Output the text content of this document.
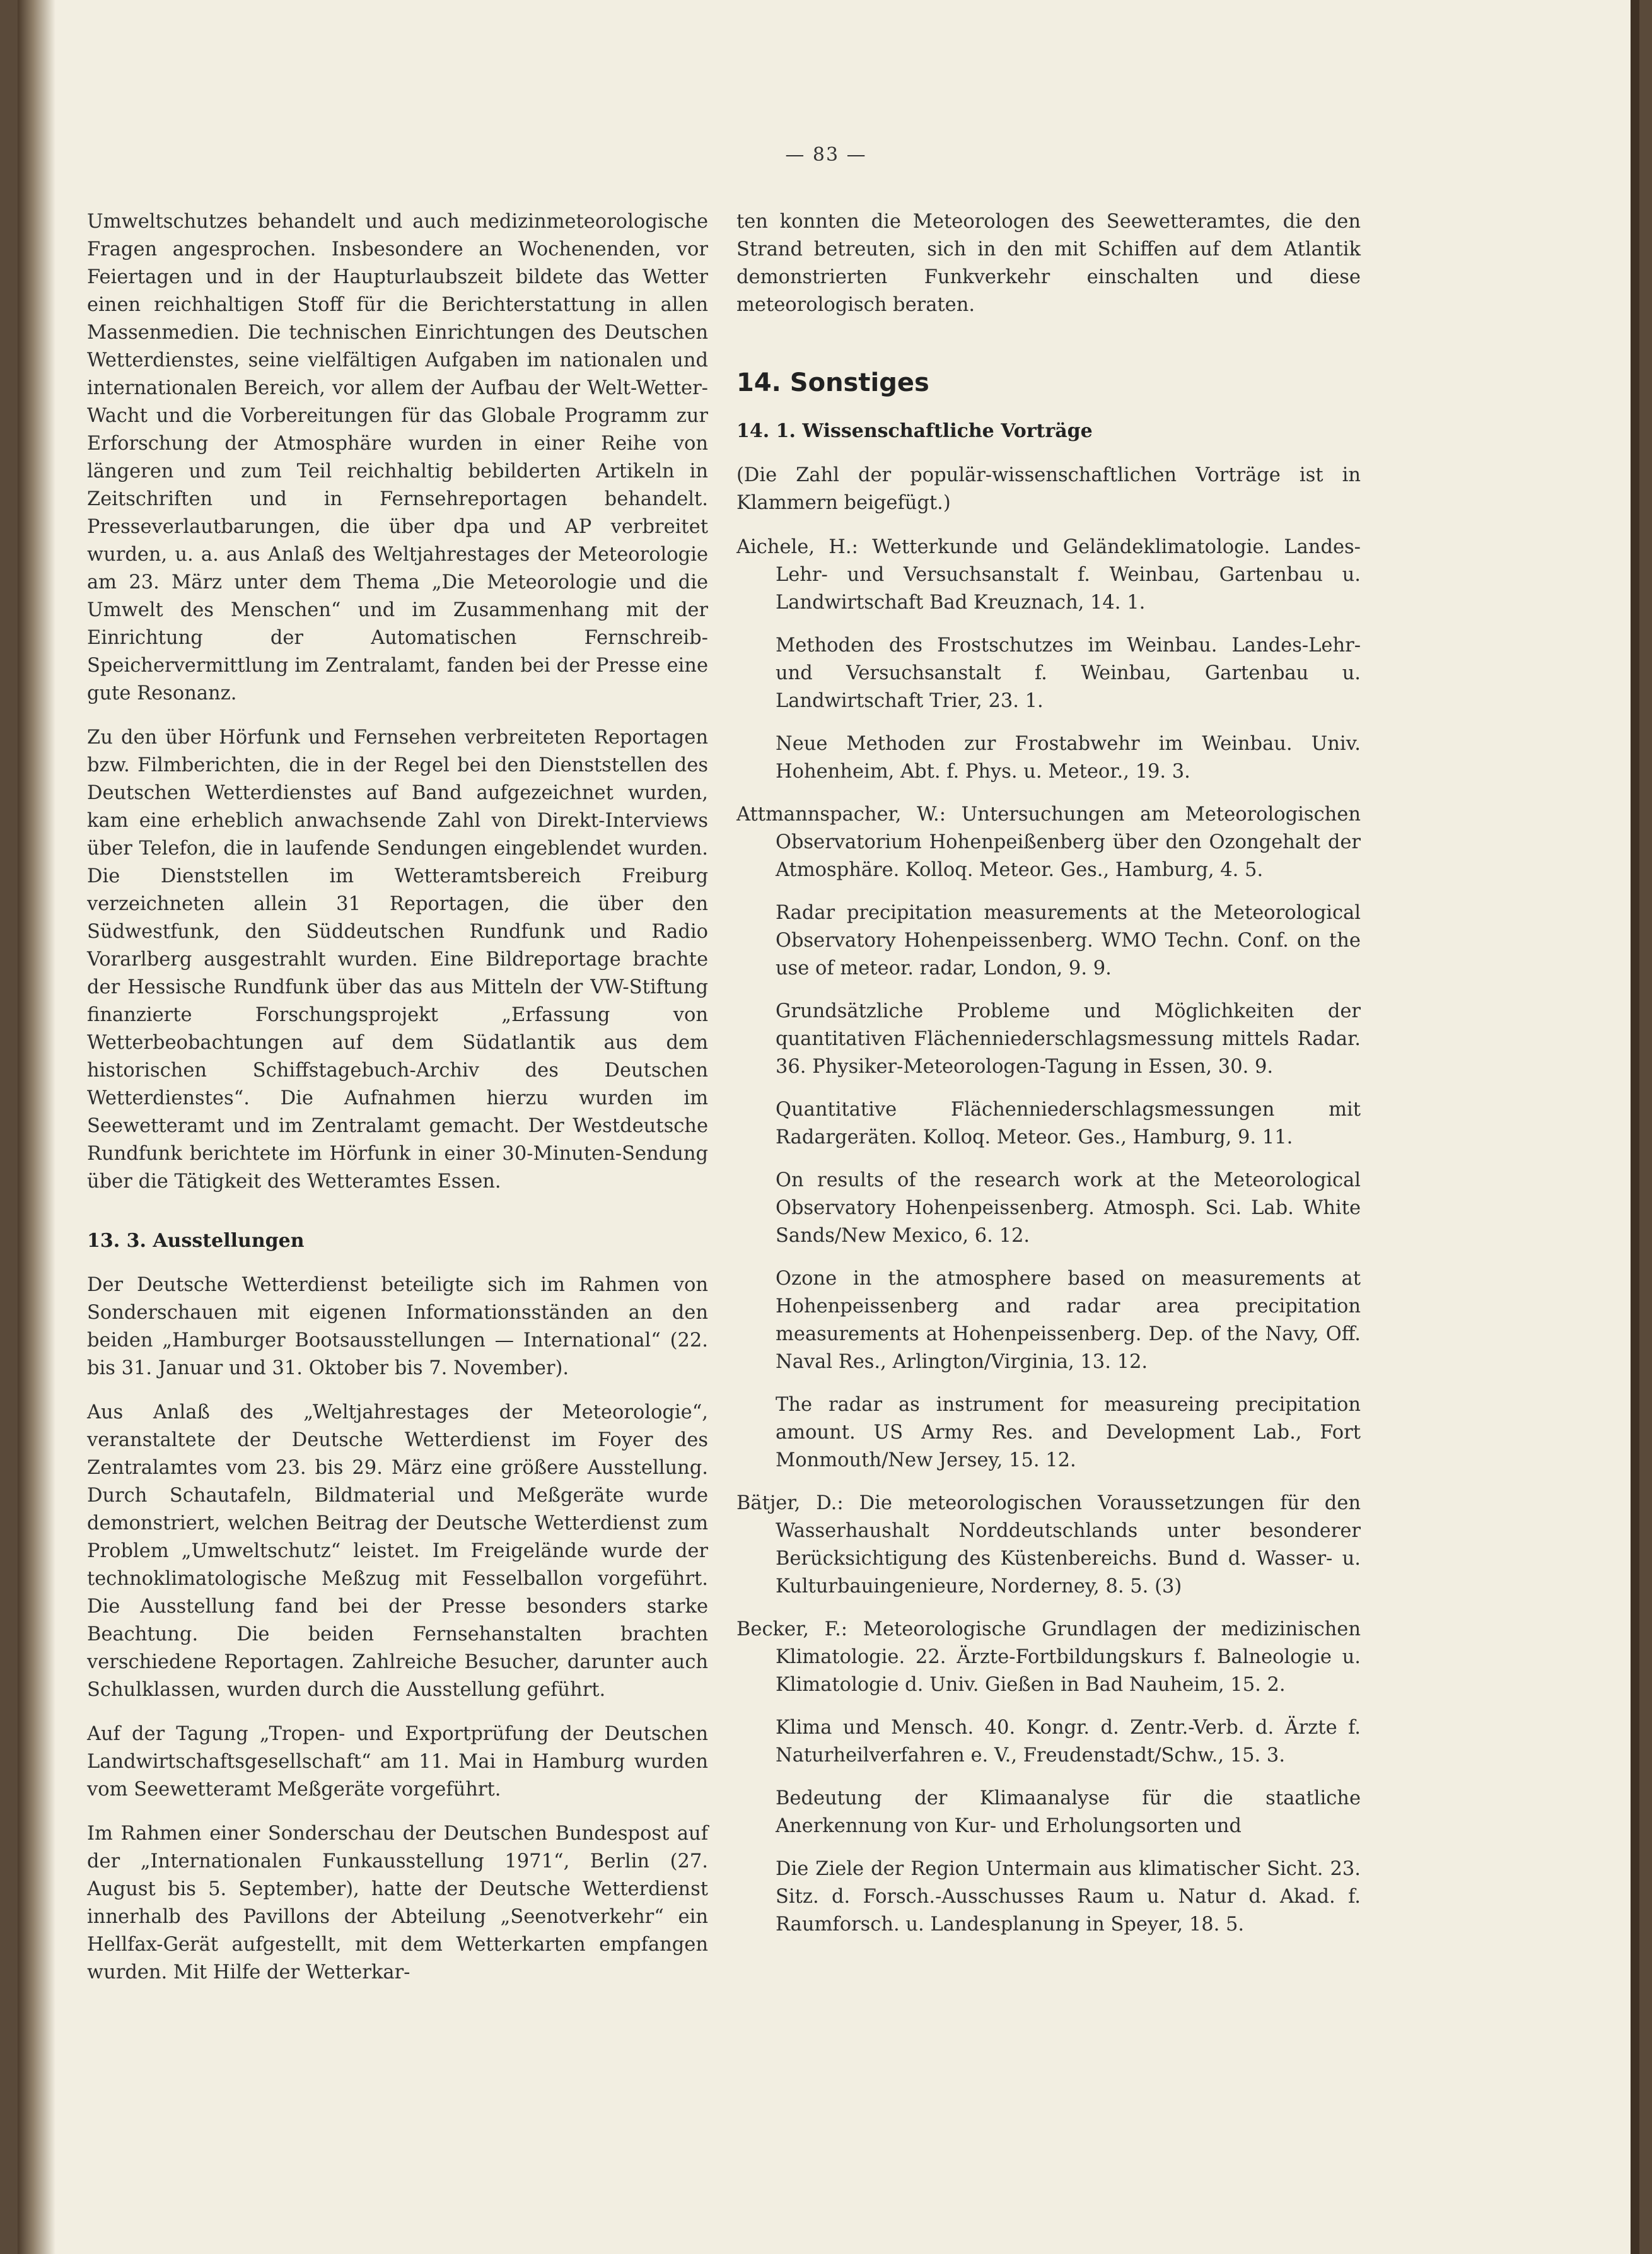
— 83 —

Umweltschutzes behandelt und auch medizinmeteorologische Fragen angesprochen. Insbesondere an Wochenenden, vor Feiertagen und in der Haupturlaubszeit bildete das Wetter einen reichhaltigen Stoff für die Berichterstattung in allen Massenmedien. Die technischen Einrichtungen des Deutschen Wetterdienstes, seine vielfältigen Aufgaben im nationalen und internationalen Bereich, vor allem der Aufbau der Welt-Wetter-Wacht und die Vorbereitungen für das Globale Programm zur Erforschung der Atmosphäre wurden in einer Reihe von längeren und zum Teil reichhaltig bebilderten Artikeln in Zeitschriften und in Fernsehreportagen behandelt. Presseverlautbarungen, die über dpa und AP verbreitet wurden, u. a. aus Anlaß des Weltjahrestages der Meteorologie am 23. März unter dem Thema „Die Meteorologie und die Umwelt des Menschen“ und im Zusammenhang mit der Einrichtung der Automatischen Fernschreib-Speichervermittlung im Zentralamt, fanden bei der Presse eine gute Resonanz.

Zu den über Hörfunk und Fernsehen verbreiteten Reportagen bzw. Filmberichten, die in der Regel bei den Dienststellen des Deutschen Wetterdienstes auf Band aufgezeichnet wurden, kam eine erheblich anwachsende Zahl von Direkt-Interviews über Telefon, die in laufende Sendungen eingeblendet wurden. Die Dienststellen im Wetteramtsbereich Freiburg verzeichneten allein 31 Reportagen, die über den Südwestfunk, den Süddeutschen Rundfunk und Radio Vorarlberg ausgestrahlt wurden. Eine Bildreportage brachte der Hessische Rundfunk über das aus Mitteln der VW-Stiftung finanzierte Forschungsprojekt „Erfassung von Wetterbeobachtungen auf dem Südatlantik aus dem historischen Schiffstagebuch-Archiv des Deutschen Wetterdienstes“. Die Aufnahmen hierzu wurden im Seewetteramt und im Zentralamt gemacht. Der Westdeutsche Rundfunk berichtete im Hörfunk in einer 30-Minuten-Sendung über die Tätigkeit des Wetteramtes Essen.

13. 3. Ausstellungen

Der Deutsche Wetterdienst beteiligte sich im Rahmen von Sonderschauen mit eigenen Informationsständen an den beiden „Hamburger Bootsausstellungen — International“ (22. bis 31. Januar und 31. Oktober bis 7. November).

Aus Anlaß des „Weltjahrestages der Meteorologie“, veranstaltete der Deutsche Wetterdienst im Foyer des Zentralamtes vom 23. bis 29. März eine größere Ausstellung. Durch Schautafeln, Bildmaterial und Meßgeräte wurde demonstriert, welchen Beitrag der Deutsche Wetterdienst zum Problem „Umweltschutz“ leistet. Im Freigelände wurde der technoklimatologische Meßzug mit Fesselballon vorgeführt. Die Ausstellung fand bei der Presse besonders starke Beachtung. Die beiden Fernsehanstalten brachten verschiedene Reportagen. Zahlreiche Besucher, darunter auch Schulklassen, wurden durch die Ausstellung geführt.

Auf der Tagung „Tropen- und Exportprüfung der Deutschen Landwirtschaftsgesellschaft“ am 11. Mai in Hamburg wurden vom Seewetteramt Meßgeräte vorgeführt.

Im Rahmen einer Sonderschau der Deutschen Bundespost auf der „Internationalen Funkausstellung 1971“, Berlin (27. August bis 5. September), hatte der Deutsche Wetterdienst innerhalb des Pavillons der Abteilung „Seenotverkehr“ ein Hellfax-Gerät aufgestellt, mit dem Wetterkarten empfangen wurden. Mit Hilfe der Wetterkar-

ten konnten die Meteorologen des Seewetteramtes, die den Strand betreuten, sich in den mit Schiffen auf dem Atlantik demonstrierten Funkverkehr einschalten und diese meteorologisch beraten.

14. Sonstiges
14. 1. Wissenschaftliche Vorträge

(Die Zahl der populär-wissenschaftlichen Vorträge ist in Klammern beigefügt.)

Aichele, H.: Wetterkunde und Geländeklimatologie. Landes-Lehr- und Versuchsanstalt f. Weinbau, Gartenbau u. Landwirtschaft Bad Kreuznach, 14. 1.

Methoden des Frostschutzes im Weinbau. Landes-Lehr- und Versuchsanstalt f. Weinbau, Gartenbau u. Landwirtschaft Trier, 23. 1.

Neue Methoden zur Frostabwehr im Weinbau. Univ. Hohenheim, Abt. f. Phys. u. Meteor., 19. 3.

Attmannspacher, W.: Untersuchungen am Meteorologischen Observatorium Hohenpeißenberg über den Ozongehalt der Atmosphäre. Kolloq. Meteor. Ges., Hamburg, 4. 5.

Radar precipitation measurements at the Meteorological Observatory Hohenpeissenberg. WMO Techn. Conf. on the use of meteor. radar, London, 9. 9.

Grundsätzliche Probleme und Möglichkeiten der quantitativen Flächenniederschlagsmessung mittels Radar. 36. Physiker-Meteorologen-Tagung in Essen, 30. 9.

Quantitative Flächenniederschlagsmessungen mit Radargeräten. Kolloq. Meteor. Ges., Hamburg, 9. 11.

On results of the research work at the Meteorological Observatory Hohenpeissenberg. Atmosph. Sci. Lab. White Sands/New Mexico, 6. 12.

Ozone in the atmosphere based on measurements at Hohenpeissenberg and radar area precipitation measurements at Hohenpeissenberg. Dep. of the Navy, Off. Naval Res., Arlington/Virginia, 13. 12.

The radar as instrument for measureing precipitation amount. US Army Res. and Development Lab., Fort Monmouth/New Jersey, 15. 12.

Bätjer, D.: Die meteorologischen Voraussetzungen für den Wasserhaushalt Norddeutschlands unter besonderer Berücksichtigung des Küstenbereichs. Bund d. Wasser- u. Kulturbauingenieure, Norderney, 8. 5. (3)

Becker, F.: Meteorologische Grundlagen der medizinischen Klimatologie. 22. Ärzte-Fortbildungskurs f. Balneologie u. Klimatologie d. Univ. Gießen in Bad Nauheim, 15. 2.

Klima und Mensch. 40. Kongr. d. Zentr.-Verb. d. Ärzte f. Naturheilverfahren e. V., Freudenstadt/Schw., 15. 3.

Bedeutung der Klimaanalyse für die staatliche Anerkennung von Kur- und Erholungsorten und

Die Ziele der Region Untermain aus klimatischer Sicht. 23. Sitz. d. Forsch.-Ausschusses Raum u. Natur d. Akad. f. Raumforsch. u. Landesplanung in Speyer, 18. 5.
